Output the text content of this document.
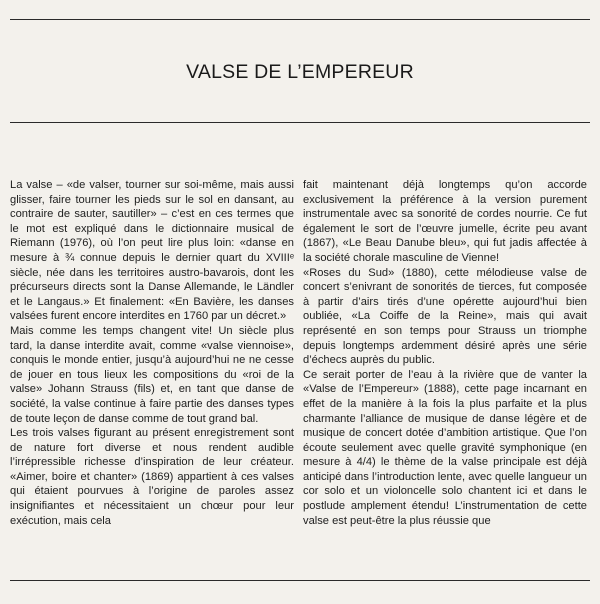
VALSE DE L’EMPEREUR

La valse – «de valser, tourner sur soi-même, mais aussi glisser, faire tourner les pieds sur le sol en dansant, au contraire de sauter, sautiller» – c’est en ces termes que le mot est expliqué dans le dictionnaire musical de Riemann (1976), où l’on peut lire plus loin: «danse en mesure à ¾ connue depuis le dernier quart du XVIIIᵉ siècle, née dans les territoires austro-bavarois, dont les précurseurs directs sont la Danse Allemande, le Ländler et le Langaus.» Et finalement: «En Bavière, les danses valsées furent encore interdites en 1760 par un décret.»

Mais comme les temps changent vite! Un siècle plus tard, la danse interdite avait, comme «valse viennoise», conquis le monde entier, jusqu’à aujourd’hui ne ne cesse de jouer en tous lieux les compositions du «roi de la valse» Johann Strauss (fils) et, en tant que danse de société, la valse continue à faire partie des danses types de toute leçon de danse comme de tout grand bal.

Les trois valses figurant au présent enregistrement sont de nature fort diverse et nous rendent audible l’irrépressible richesse d’inspiration de leur créateur. «Aimer, boire et chanter» (1869) appartient à ces valses qui étaient pourvues à l’origine de paroles assez insignifiantes et nécessitaient un chœur pour leur exécution, mais cela

fait maintenant déjà longtemps qu’on accorde exclusivement la préférence à la version purement instrumentale avec sa sonorité de cordes nourrie. Ce fut également le sort de l’œuvre jumelle, écrite peu avant (1867), «Le Beau Danube bleu», qui fut jadis affectée à la société chorale masculine de Vienne!

«Roses du Sud» (1880), cette mélodieuse valse de concert s’enivrant de sonorités de tierces, fut composée à partir d’airs tirés d’une opérette aujourd’hui bien oubliée, «La Coiffe de la Reine», mais qui avait représenté en son temps pour Strauss un triomphe depuis longtemps ardemment désiré après une série d’échecs auprès du public.

Ce serait porter de l’eau à la rivière que de vanter la «Valse de l’Empereur» (1888), cette page incarnant en effet de la manière à la fois la plus parfaite et la plus charmante l’alliance de musique de danse légère et de musique de concert dotée d’ambition artistique. Que l’on écoute seulement avec quelle gravité symphonique (en mesure à 4/4) le thème de la valse principale est déjà anticipé dans l’introduction lente, avec quelle langueur un cor solo et un violoncelle solo chantent ici et dans le postlude amplement étendu! L’instrumentation de cette valse est peut-être la plus réussie que
